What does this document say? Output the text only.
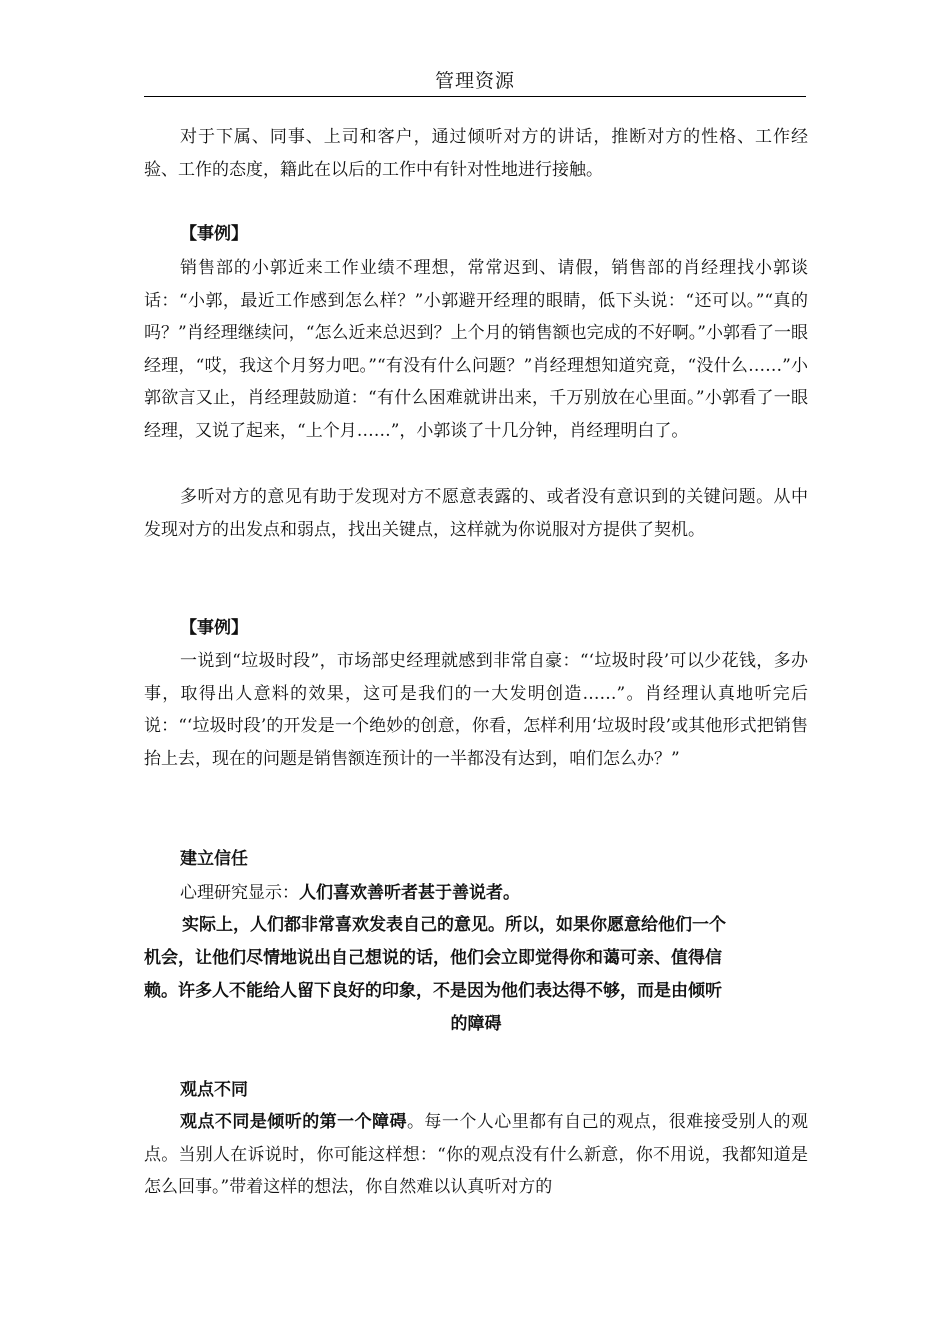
管理资源

对于下属、同事、上司和客户，通过倾听对方的讲话，推断对方的性格、工作经验、工作的态度，籍此在以后的工作中有针对性地进行接触。

【事例】

销售部的小郭近来工作业绩不理想，常常迟到、请假，销售部的肖经理找小郭谈话：“小郭，最近工作感到怎么样？”小郭避开经理的眼睛，低下头说：“还可以。”“真的吗？”肖经理继续问，“怎么近来总迟到？上个月的销售额也完成的不好啊。”小郭看了一眼经理，“哎，我这个月努力吧。”“有没有什么问题？”肖经理想知道究竟，“没什么……”小郭欲言又止，肖经理鼓励道：“有什么困难就讲出来，千万别放在心里面。”小郭看了一眼经理，又说了起来，“上个月……”，小郭谈了十几分钟，肖经理明白了。

多听对方的意见有助于发现对方不愿意表露的、或者没有意识到的关键问题。从中发现对方的出发点和弱点，找出关键点，这样就为你说服对方提供了契机。

【事例】

一说到“垃圾时段”，市场部史经理就感到非常自豪：“‘垃圾时段’可以少花钱，多办事，取得出人意料的效果，这可是我们的一大发明创造……”。肖经理认真地听完后说：“‘垃圾时段’的开发是一个绝妙的创意，你看，怎样利用‘垃圾时段’或其他形式把销售抬上去，现在的问题是销售额连预计的一半都没有达到，咱们怎么办？”

建立信任
心理研究显示：人们喜欢善听者甚于善说者。
实际上，人们都非常喜欢发表自己的意见。所以，如果你愿意给他们一个
机会，让他们尽情地说出自己想说的话，他们会立即觉得你和蔼可亲、值得信
赖。许多人不能给人留下良好的印象，不是因为他们表达得不够，而是由倾听
的障碍
观点不同

观点不同是倾听的第一个障碍。每一个人心里都有自己的观点，很难接受别人的观点。当别人在诉说时，你可能这样想：“你的观点没有什么新意，你不用说，我都知道是怎么回事。”带着这样的想法，你自然难以认真听对方的
